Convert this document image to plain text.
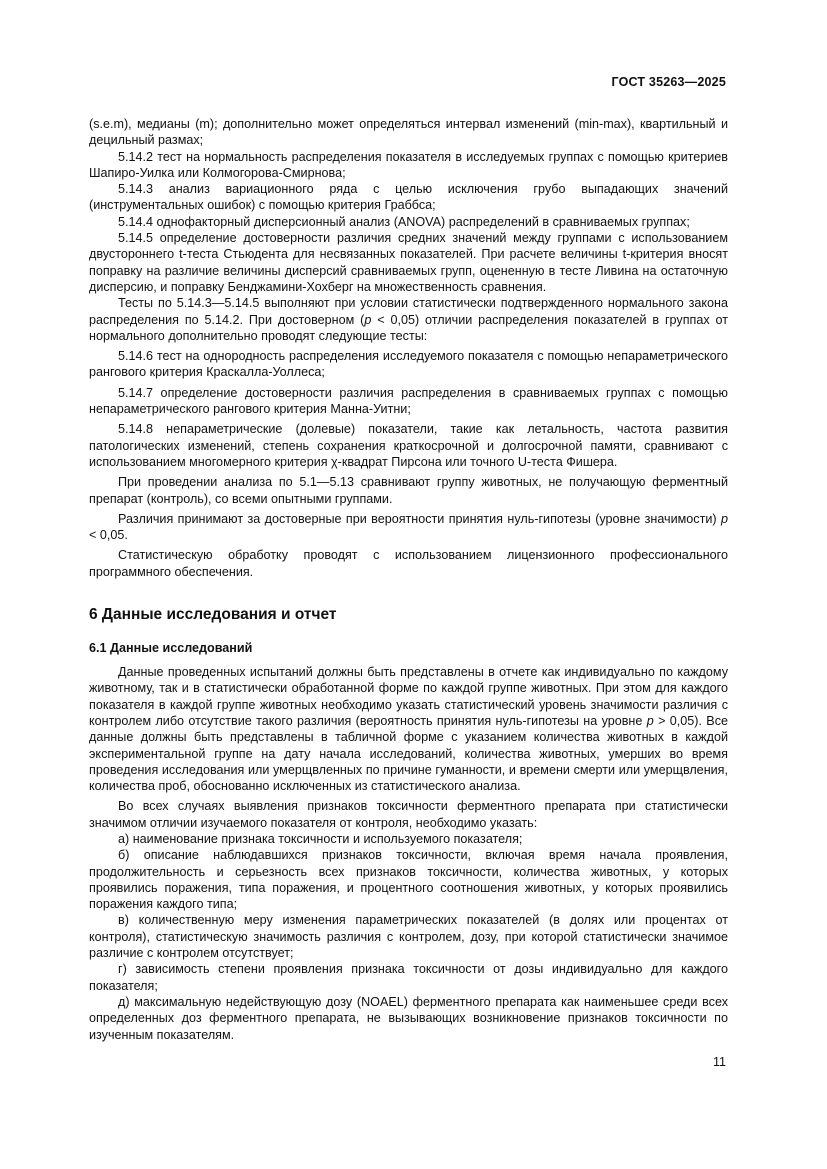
ГОСТ 35263—2025

(s.e.m), медианы (m); дополнительно может определяться интервал изменений (min-max), квартильный и децильный размах;

5.14.2 тест на нормальность распределения показателя в исследуемых группах с помощью критериев Шапиро-Уилка или Колмогорова-Смирнова;

5.14.3 анализ вариационного ряда с целью исключения грубо выпадающих значений (инструментальных ошибок) с помощью критерия Граббса;

5.14.4 однофакторный дисперсионный анализ (ANOVA) распределений в сравниваемых группах;

5.14.5 определение достоверности различия средних значений между группами с использованием двустороннего t-теста Стьюдента для несвязанных показателей. При расчете величины t-критерия вносят поправку на различие величины дисперсий сравниваемых групп, оцененную в тесте Ливина на остаточную дисперсию, и поправку Бенджамини-Хохберг на множественность сравнения.

Тесты по 5.14.3—5.14.5 выполняют при условии статистически подтвержденного нормального закона распределения по 5.14.2. При достоверном (p < 0,05) отличии распределения показателей в группах от нормального дополнительно проводят следующие тесты:

5.14.6 тест на однородность распределения исследуемого показателя с помощью непараметрического рангового критерия Краскалла-Уоллеса;

5.14.7 определение достоверности различия распределения в сравниваемых группах с помощью непараметрического рангового критерия Манна-Уитни;

5.14.8 непараметрические (долевые) показатели, такие как летальность, частота развития патологических изменений, степень сохранения краткосрочной и долгосрочной памяти, сравнивают с использованием многомерного критерия χ-квадрат Пирсона или точного U-теста Фишера.

При проведении анализа по 5.1—5.13 сравнивают группу животных, не получающую ферментный препарат (контроль), со всеми опытными группами.

Различия принимают за достоверные при вероятности принятия нуль-гипотезы (уровне значимости) p < 0,05.

Статистическую обработку проводят с использованием лицензионного профессионального программного обеспечения.

6 Данные исследования и отчет
6.1 Данные исследований

Данные проведенных испытаний должны быть представлены в отчете как индивидуально по каждому животному, так и в статистически обработанной форме по каждой группе животных. При этом для каждого показателя в каждой группе животных необходимо указать статистический уровень значимости различия с контролем либо отсутствие такого различия (вероятность принятия нуль-гипотезы на уровне p > 0,05). Все данные должны быть представлены в табличной форме с указанием количества животных в каждой экспериментальной группе на дату начала исследований, количества животных, умерших во время проведения исследования или умерщвленных по причине гуманности, и времени смерти или умерщвления, количества проб, обоснованно исключенных из статистического анализа.

Во всех случаях выявления признаков токсичности ферментного препарата при статистически значимом отличии изучаемого показателя от контроля, необходимо указать:

а) наименование признака токсичности и используемого показателя;

б) описание наблюдавшихся признаков токсичности, включая время начала проявления, продолжительность и серьезность всех признаков токсичности, количества животных, у которых проявились поражения, типа поражения, и процентного соотношения животных, у которых проявились поражения каждого типа;

в) количественную меру изменения параметрических показателей (в долях или процентах от контроля), статистическую значимость различия с контролем, дозу, при которой статистически значимое различие с контролем отсутствует;

г) зависимость степени проявления признака токсичности от дозы индивидуально для каждого показателя;

д) максимальную недействующую дозу (NOAEL) ферментного препарата как наименьшее среди всех определенных доз ферментного препарата, не вызывающих возникновение признаков токсичности по изученным показателям.

11
